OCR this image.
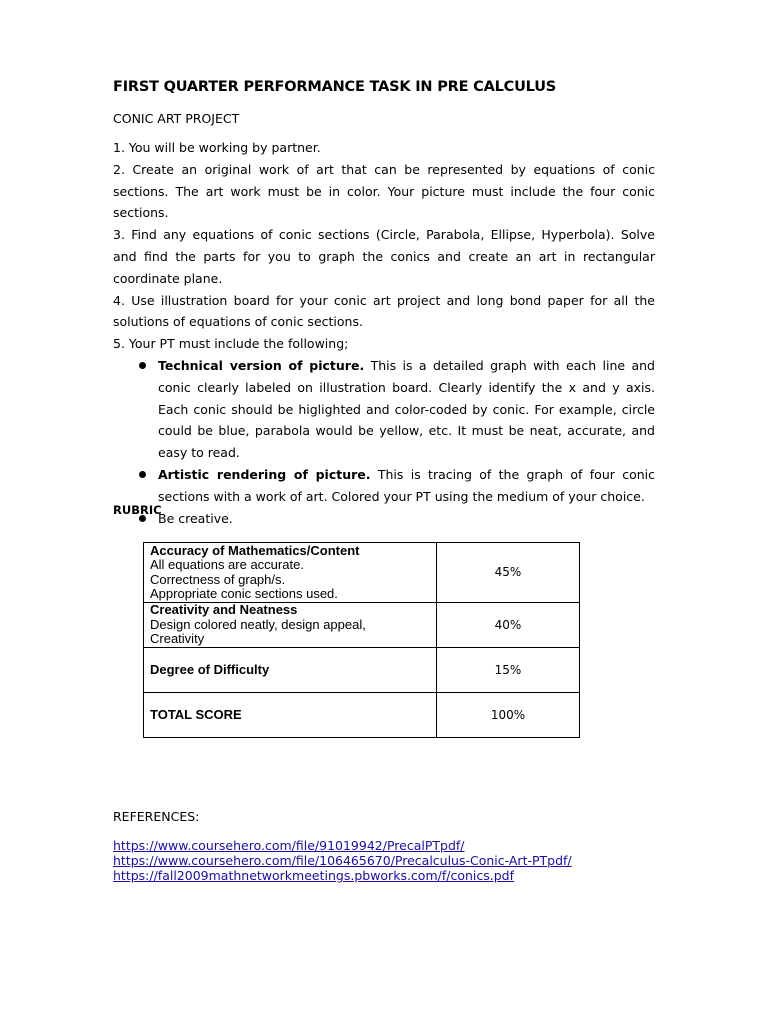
FIRST QUARTER PERFORMANCE TASK IN PRE CALCULUS
CONIC ART PROJECT
1. You will be working by partner.
2. Create an original work of art that can be represented by equations of conic sections. The art work must be in color. Your picture must include the four conic sections.
3. Find any equations of conic sections (Circle, Parabola, Ellipse, Hyperbola). Solve and find the parts for you to graph the conics and create an art in rectangular coordinate plane.
4. Use illustration board for your conic art project and long bond paper for all the solutions of equations of conic sections.
5. Your PT must include the following;
Technical version of picture. This is a detailed graph with each line and conic clearly labeled on illustration board. Clearly identify the x and y axis. Each conic should be higlighted and color-coded by conic. For example, circle could be blue, parabola would be yellow, etc. It must be neat, accurate, and easy to read.
Artistic rendering of picture. This is tracing of the graph of four conic sections with a work of art. Colored your PT using the medium of your choice.
Be creative.
RUBRIC
Accuracy of Mathematics/Content
All equations are accurate.
Correctness of graph/s.
Appropriate conic sections used.	45%

Creativity and Neatness
Design colored neatly, design appeal,
Creativity	40%

Degree of Difficulty	15%

TOTAL SCORE	100%
REFERENCES:
https://www.coursehero.com/file/91019942/PrecalPTpdf/
https://www.coursehero.com/file/106465670/Precalculus-Conic-Art-PTpdf/
https://fall2009mathnetworkmeetings.pbworks.com/f/conics.pdf
